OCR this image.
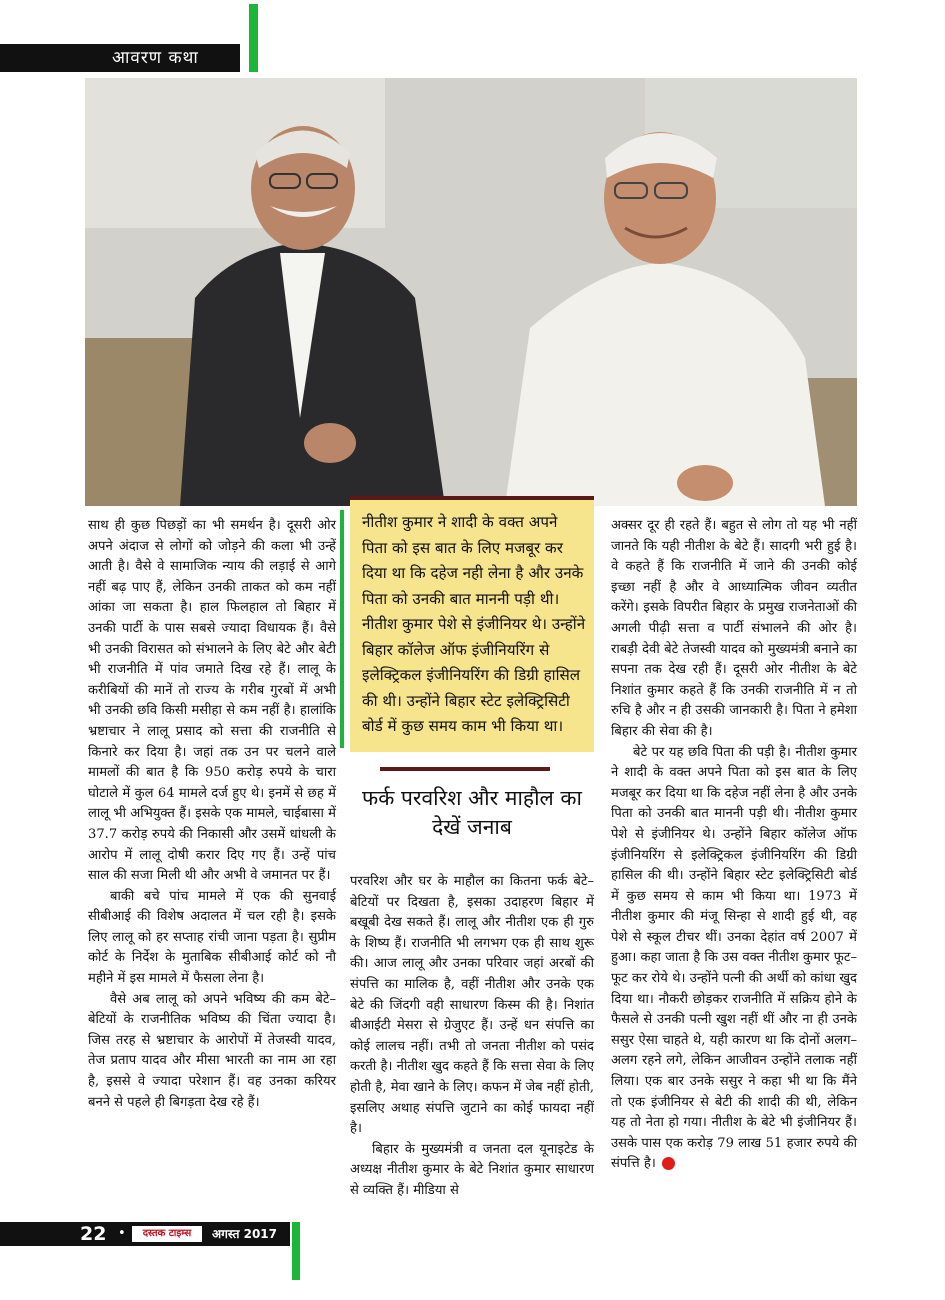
आवरण कथा
नीतीश कुमार ने शादी के वक्त अपने पिता को इस बात के लिए मजबूर कर दिया था कि दहेज नही लेना है और उनके पिता को उनकी बात माननी पड़ी थी। नीतीश कुमार पेशे से इंजीनियर थे। उन्होंने बिहार कॉलेज ऑफ इंजीनियरिंग से इलेक्ट्रिकल इंजीनियरिंग की डिग्री हासिल की थी। उन्होंने बिहार स्टेट इलेक्ट्रिसिटी बोर्ड में कुछ समय काम भी किया था।
फर्क परवरिश और माहौल का देखें जनाब

साथ ही कुछ पिछड़ों का भी समर्थन है। दूसरी ओर अपने अंदाज से लोगों को जोड़ने की कला भी उन्हें आती है। वैसे वे सामाजिक न्याय की लड़ाई से आगे नहीं बढ़ पाए हैं, लेकिन उनकी ताकत को कम नहीं आंका जा सकता है। हाल फिलहाल तो बिहार में उनकी पार्टी के पास सबसे ज्यादा विधायक हैं। वैसे भी उनकी विरासत को संभालने के लिए बेटे और बेटी भी राजनीति में पांव जमाते दिख रहे हैं। लालू के करीबियों की मानें तो राज्य के गरीब गुरबों में अभी भी उनकी छवि किसी मसीहा से कम नहीं है। हालांकि भ्रष्टाचार ने लालू प्रसाद को सत्ता की राजनीति से किनारे कर दिया है। जहां तक उन पर चलने वाले मामलों की बात है कि 950 करोड़ रुपये के चारा घोटाले में कुल 64 मामले दर्ज हुए थे। इनमें से छह में लालू भी अभियुक्त हैं। इसके एक मामले, चाईबासा में 37.7 करोड़ रुपये की निकासी और उसमें धांधली के आरोप में लालू दोषी करार दिए गए हैं। उन्हें पांच साल की सजा मिली थी और अभी वे जमानत पर हैं।

बाकी बचे पांच मामले में एक की सुनवाई सीबीआई की विशेष अदालत में चल रही है। इसके लिए लालू को हर सप्ताह रांची जाना पड़ता है। सुप्रीम कोर्ट के निर्देश के मुताबिक सीबीआई कोर्ट को नौ महीने में इस मामले में फैसला लेना है।

वैसे अब लालू को अपने भविष्य की कम बेटे–बेटियों के राजनीतिक भविष्य की चिंता ज्यादा है। जिस तरह से भ्रष्टाचार के आरोपों में तेजस्वी यादव, तेज प्रताप यादव और मीसा भारती का नाम आ रहा है, इससे वे ज्यादा परेशान हैं। वह उनका करियर बनने से पहले ही बिगड़ता देख रहे हैं।

परवरिश और घर के माहौल का कितना फर्क बेटे–बेटियों पर दिखता है, इसका उदाहरण बिहार में बखूबी देख सकते हैं। लालू और नीतीश एक ही गुरु के शिष्य हैं। राजनीति भी लगभग एक ही साथ शुरू की। आज लालू और उनका परिवार जहां अरबों की संपत्ति का मालिक है, वहीं नीतीश और उनके एक बेटे की जिंदगी वही साधारण किस्म की है। निशांत बीआईटी मेसरा से ग्रेजुएट हैं। उन्हें धन संपत्ति का कोई लालच नहीं। तभी तो जनता नीतीश को पसंद करती है। नीतीश खुद कहते हैं कि सत्ता सेवा के लिए होती है, मेवा खाने के लिए। कफन में जेब नहीं होती, इसलिए अथाह संपत्ति जुटाने का कोई फायदा नहीं है।

बिहार के मुख्यमंत्री व जनता दल यूनाइटेड के अध्यक्ष नीतीश कुमार के बेटे निशांत कुमार साधारण से व्यक्ति हैं। मीडिया से

अक्सर दूर ही रहते हैं। बहुत से लोग तो यह भी नहीं जानते कि यही नीतीश के बेटे हैं। सादगी भरी हुई है। वे कहते हैं कि राजनीति में जाने की उनकी कोई इच्छा नहीं है और वे आध्यात्मिक जीवन व्यतीत करेंगे। इसके विपरीत बिहार के प्रमुख राजनेताओं की अगली पीढ़ी सत्ता व पार्टी संभालने की ओर है। राबड़ी देवी बेटे तेजस्वी यादव को मुख्यमंत्री बनाने का सपना तक देख रही हैं। दूसरी ओर नीतीश के बेटे निशांत कुमार कहते हैं कि उनकी राजनीति में न तो रुचि है और न ही उसकी जानकारी है। पिता ने हमेशा बिहार की सेवा की है।

बेटे पर यह छवि पिता की पड़ी है। नीतीश कुमार ने शादी के वक्त अपने पिता को इस बात के लिए मजबूर कर दिया था कि दहेज नहीं लेना है और उनके पिता को उनकी बात माननी पड़ी थी। नीतीश कुमार पेशे से इंजीनियर थे। उन्होंने बिहार कॉलेज ऑफ इंजीनियरिंग से इलेक्ट्रिकल इंजीनियरिंग की डिग्री हासिल की थी। उन्होंने बिहार स्टेट इलेक्ट्रिसिटी बोर्ड में कुछ समय से काम भी किया था। 1973 में नीतीश कुमार की मंजू सिन्हा से शादी हुई थी, वह पेशे से स्कूल टीचर थीं। उनका देहांत वर्ष 2007 में हुआ। कहा जाता है कि उस वक्त नीतीश कुमार फूट–फूट कर रोये थे। उन्होंने पत्नी की अर्थी को कांधा खुद दिया था। नौकरी छोड़कर राजनीति में सक्रिय होने के फैसले से उनकी पत्नी खुश नहीं थीं और ना ही उनके ससुर ऐसा चाहते थे, यही कारण था कि दोनों अलग–अलग रहने लगे, लेकिन आजीवन उन्होंने तलाक नहीं लिया। एक बार उनके ससुर ने कहा भी था कि मैंने तो एक इंजीनियर से बेटी की शादी की थी, लेकिन यह तो नेता हो गया। नीतीश के बेटे भी इंजीनियर हैं। उसके पास एक करोड़ 79 लाख 51 हजार रुपये की संपत्ति है।

22 •	दस्तक टाइम्स	अगस्त 2017
